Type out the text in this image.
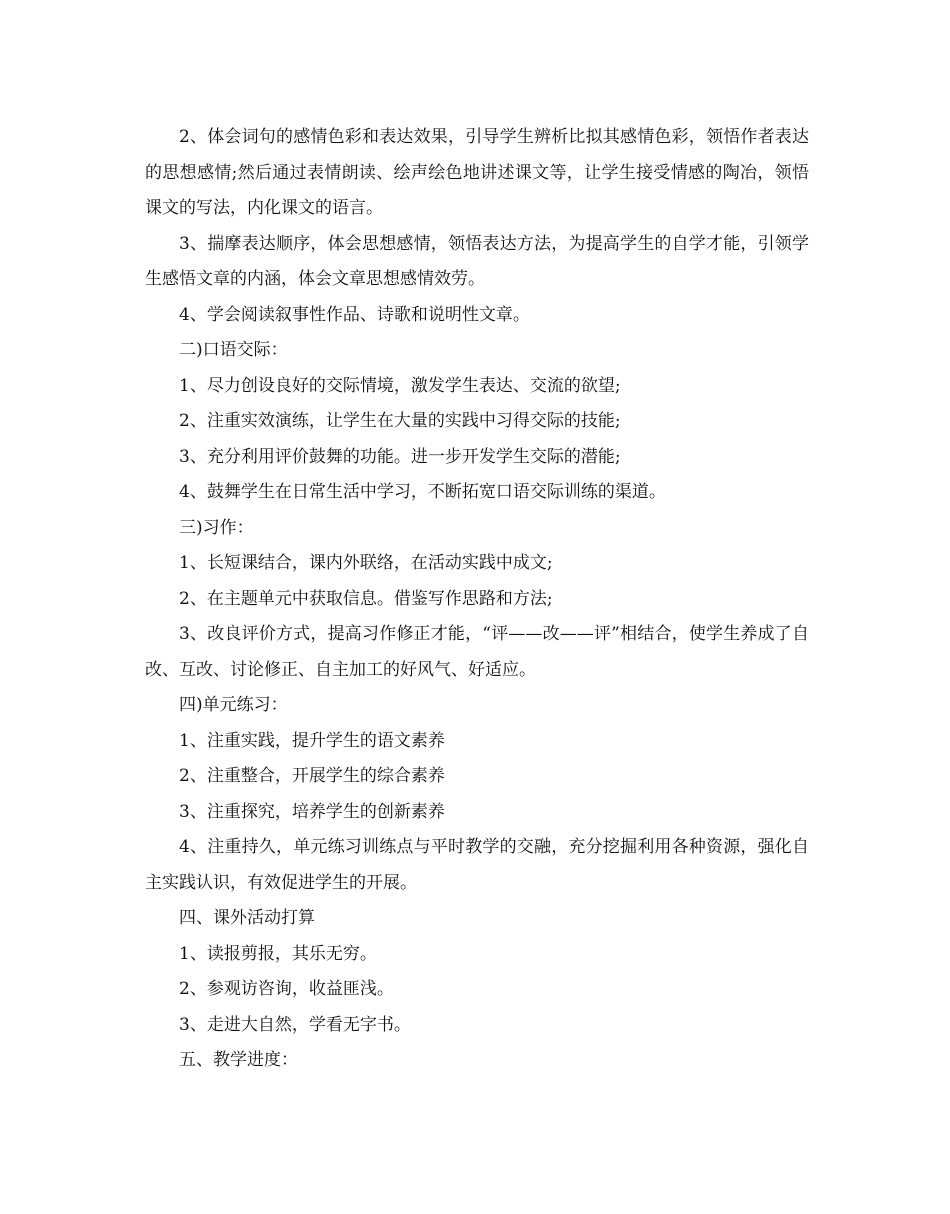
2、体会词句的感情色彩和表达效果，引导学生辨析比拟其感情色彩，领悟作者表达的思想感情;然后通过表情朗读、绘声绘色地讲述课文等，让学生接受情感的陶冶，领悟课文的写法，内化课文的语言。

3、揣摩表达顺序，体会思想感情，领悟表达方法，为提高学生的自学才能，引领学生感悟文章的内涵，体会文章思想感情效劳。

4、学会阅读叙事性作品、诗歌和说明性文章。

二)口语交际：

1、尽力创设良好的交际情境，激发学生表达、交流的欲望;

2、注重实效演练，让学生在大量的实践中习得交际的技能;

3、充分利用评价鼓舞的功能。进一步开发学生交际的潜能;

4、鼓舞学生在日常生活中学习，不断拓宽口语交际训练的渠道。

三)习作：

1、长短课结合，课内外联络，在活动实践中成文;

2、在主题单元中获取信息。借鉴写作思路和方法;

3、改良评价方式，提高习作修正才能，“评——改——评”相结合，使学生养成了自改、互改、讨论修正、自主加工的好风气、好适应。

四)单元练习：

1、注重实践，提升学生的语文素养

2、注重整合，开展学生的综合素养

3、注重探究，培养学生的创新素养

4、注重持久，单元练习训练点与平时教学的交融，充分挖掘利用各种资源，强化自主实践认识，有效促进学生的开展。

四、课外活动打算

1、读报剪报，其乐无穷。

2、参观访咨询，收益匪浅。

3、走进大自然，学看无字书。

五、教学进度：
